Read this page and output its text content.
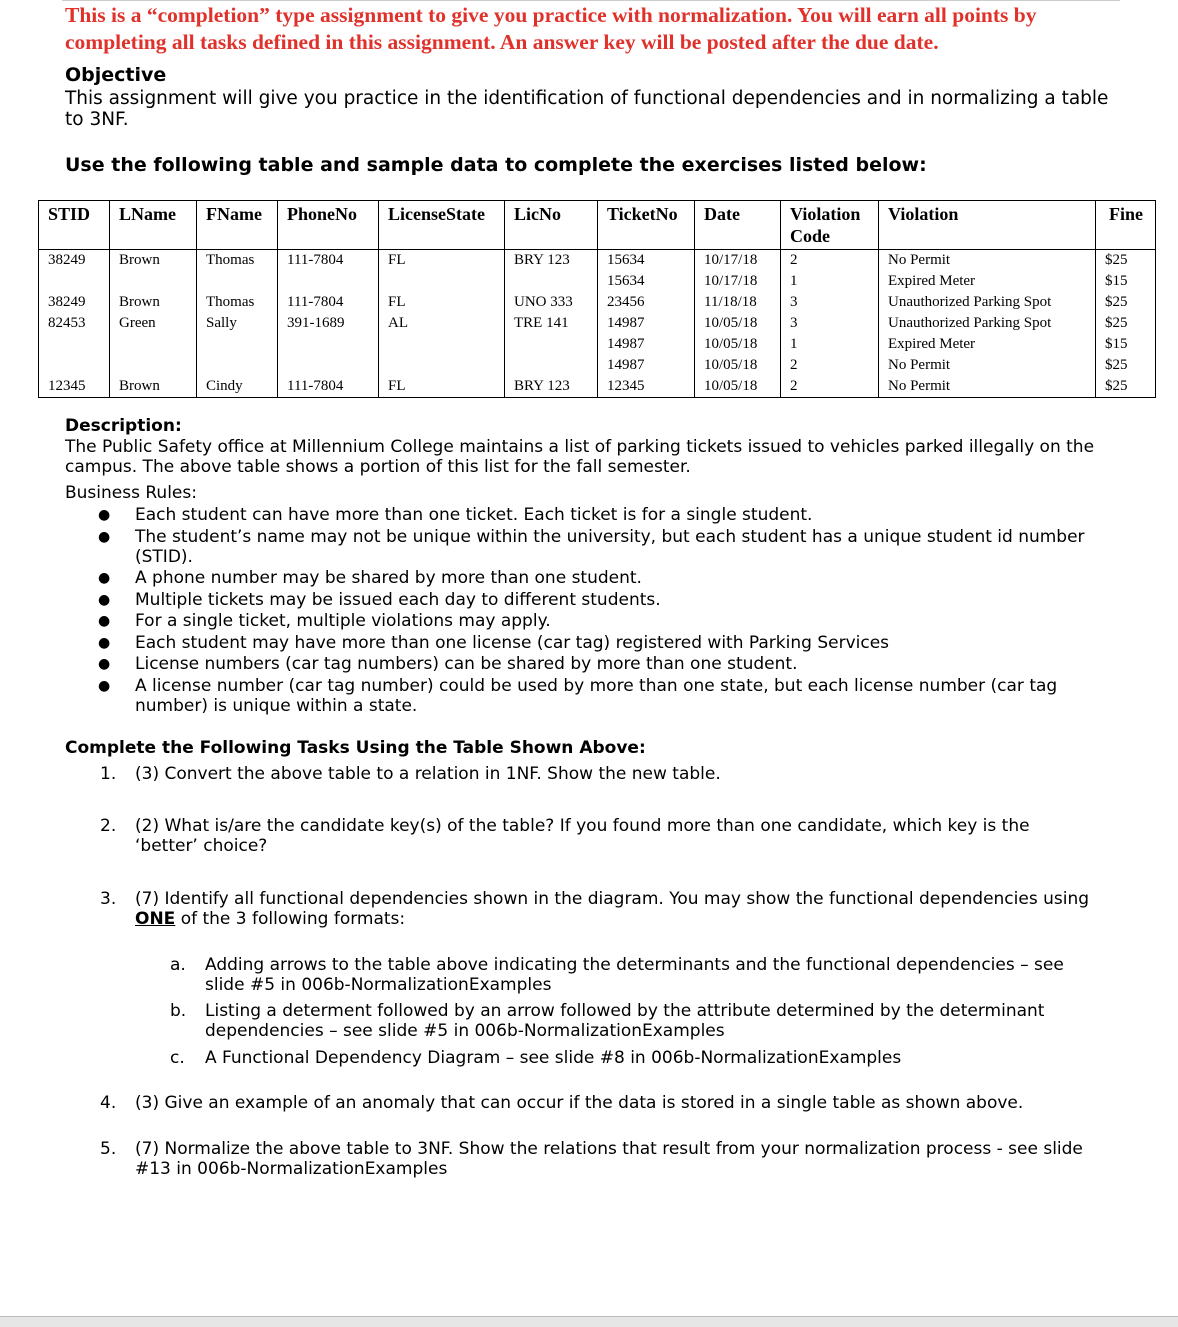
This is a “completion” type assignment to give you practice with normalization. You will earn all points by completing all tasks defined in this assignment. An answer key will be posted after the due date.

Objective

This assignment will give you practice in the identification of functional dependencies and in normalizing a table to 3NF.

Use the following table and sample data to complete the exercises listed below:
STID	LName	FName	PhoneNo	LicenseState	LicNo	TicketNo	Date	Violation Code	Violation	Fine
38249	Brown	Thomas	111-7804	FL	BRY 123	15634	10/17/18	2	No Permit	$25
						15634	10/17/18	1	Expired Meter	$15
38249	Brown	Thomas	111-7804	FL	UNO 333	23456	11/18/18	3	Unauthorized Parking Spot	$25
82453	Green	Sally	391-1689	AL	TRE 141	14987	10/05/18	3	Unauthorized Parking Spot	$25
						14987	10/05/18	1	Expired Meter	$15
						14987	10/05/18	2	No Permit	$25
12345	Brown	Cindy	111-7804	FL	BRY 123	12345	10/05/18	2	No Permit	$25
Description:

The Public Safety office at Millennium College maintains a list of parking tickets issued to vehicles parked illegally on the campus. The above table shows a portion of this list for the fall semester.

Business Rules:

● Each student can have more than one ticket. Each ticket is for a single student.
● The student’s name may not be unique within the university, but each student has a unique student id number (STID).
● A phone number may be shared by more than one student.
● Multiple tickets may be issued each day to different students.
● For a single ticket, multiple violations may apply.
● Each student may have more than one license (car tag) registered with Parking Services
● License numbers (car tag numbers) can be shared by more than one student.
● A license number (car tag number) could be used by more than one state, but each license number (car tag number) is unique within a state.
Complete the Following Tasks Using the Table Shown Above:
1.	(3) Convert the above table to a relation in 1NF. Show the new table.
2.	(2) What is/are the candidate key(s) of the table? If you found more than one candidate, which key is the ‘better’ choice?
3.	(7) Identify all functional dependencies shown in the diagram. You may show the functional dependencies using ONE of the 3 following formats:
a.	Adding arrows to the table above indicating the determinants and the functional dependencies – see slide #5 in 006b-NormalizationExamples
b.	Listing a determent followed by an arrow followed by the attribute determined by the determinant dependencies – see slide #5 in 006b-NormalizationExamples
c.	A Functional Dependency Diagram – see slide #8 in 006b-NormalizationExamples
4.	(3) Give an example of an anomaly that can occur if the data is stored in a single table as shown above.
5.	(7) Normalize the above table to 3NF. Show the relations that result from your normalization process - see slide #13 in 006b-NormalizationExamples
